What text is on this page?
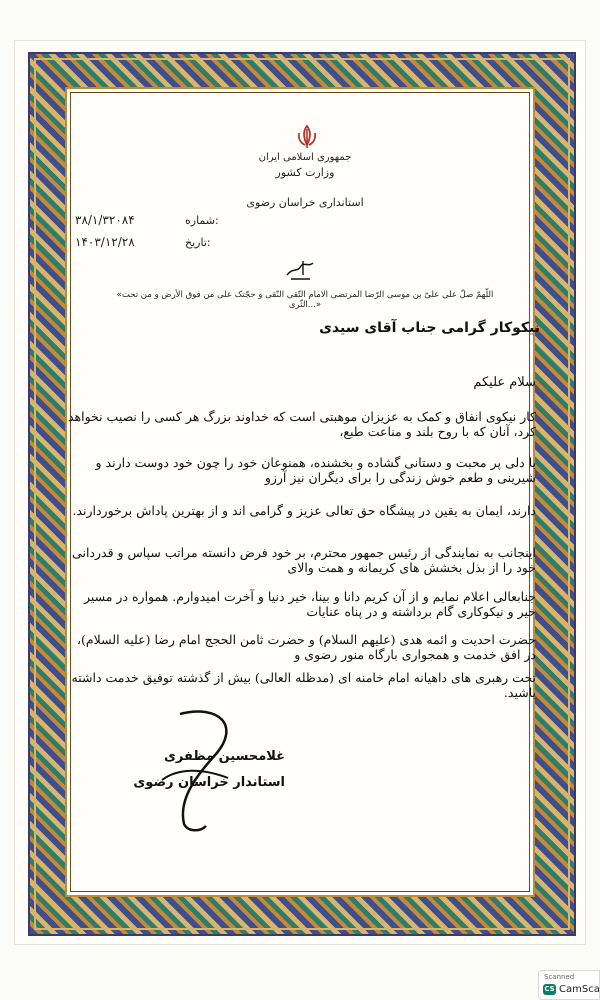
جمهوری اسلامی ایران
وزارت کشور
استانداری خراسان رضوی
شماره:
۳۸/۱/۳۲۰۸۴
تاریخ:
۱۴۰۳/۱۲/۲۸
«اللّهمّ صلّ علی علیّ بن موسی الرّضا المرتضی الامام التّقی النّقی و حجّتک علی من فوق الأرض و من تحت الثّری...»
نیکوکار گرامی جناب آقای سیدی
سلام علیکم
کار نیکوی انفاق و کمک به عزیزان موهبتی است که خداوند بزرگ هر کسی را نصیب نخواهد کرد، آنان که با روح بلند و مناعت طبع،
با دلی پر محبت و دستانی گشاده و بخشنده، همنوعان خود را چون خود دوست دارند و شیرینی و طعم خوش زندگی را برای دیگران نیز آرزو
دارند، ایمان به یقین در پیشگاه حق تعالی عزیز و گرامی اند و از بهترین پاداش برخوردارند.
اینجانب به نمایندگی از رئیس جمهور محترم، بر خود فرض دانسته مراتب سپاس و قدردانی خود را از بذل بخشش های کریمانه و همت والای
جنابعالی اعلام نمایم و از آن کریم دانا و بینا، خیر دنیا و آخرت امیدوارم. همواره در مسیر خیر و نیکوکاری گام برداشته و در پناه عنایات
حضرت احدیت و ائمه هدی (علیهم السلام) و حضرت ثامن الحجج امام رضا (علیه السلام)، در افق خدمت و همجواری بارگاه منور رضوی و
تحت رهبری های داهیانه امام خامنه ای (مدظله العالی) بیش از گذشته توفیق خدمت داشته باشید.
غلامحسین مظفری
استاندار خراسان رضوی
Scanned
CS CamSca
